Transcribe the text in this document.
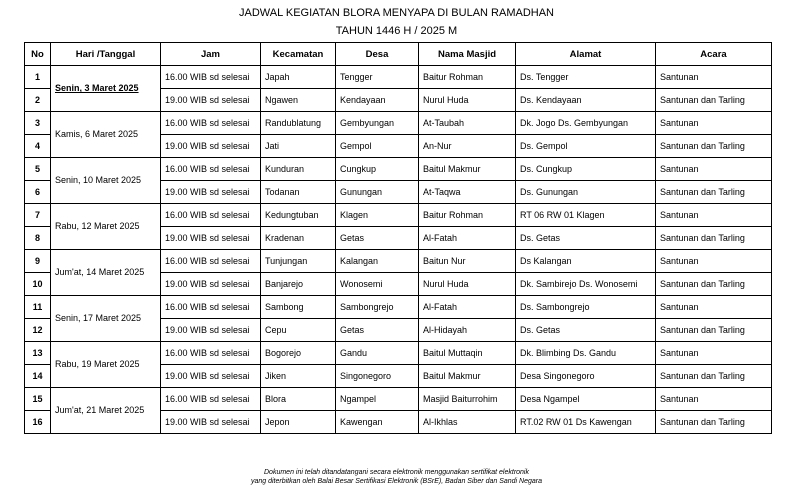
JADWAL KEGIATAN BLORA MENYAPA DI BULAN RAMADHAN
TAHUN 1446 H / 2025 M
No	Hari /Tanggal	Jam	Kecamatan	Desa	Nama Masjid	Alamat	Acara
1	Senin, 3 Maret 2025	16.00 WIB sd selesai	Japah	Tengger	Baitur Rohman	Ds. Tengger	Santunan
2		19.00 WIB sd selesai	Ngawen	Kendayaan	Nurul Huda	Ds. Kendayaan	Santunan dan Tarling
3	Kamis, 6 Maret 2025	16.00 WIB sd selesai	Randublatung	Gembyungan	At-Taubah	Dk. Jogo Ds. Gembyungan	Santunan
4		19.00 WIB sd selesai	Jati	Gempol	An-Nur	Ds. Gempol	Santunan dan Tarling
5	Senin, 10 Maret 2025	16.00 WIB sd selesai	Kunduran	Cungkup	Baitul Makmur	Ds. Cungkup	Santunan
6		19.00 WIB sd selesai	Todanan	Gunungan	At-Taqwa	Ds. Gunungan	Santunan dan Tarling
7	Rabu, 12 Maret 2025	16.00 WIB sd selesai	Kedungtuban	Klagen	Baitur Rohman	RT 06 RW 01 Klagen	Santunan
8		19.00 WIB sd selesai	Kradenan	Getas	Al-Fatah	Ds. Getas	Santunan dan Tarling
9	Jum'at, 14 Maret 2025	16.00 WIB sd selesai	Tunjungan	Kalangan	Baitun Nur	Ds Kalangan	Santunan
10		19.00 WIB sd selesai	Banjarejo	Wonosemi	Nurul Huda	Dk. Sambirejo Ds. Wonosemi	Santunan dan Tarling
11	Senin, 17 Maret 2025	16.00 WIB sd selesai	Sambong	Sambongrejo	Al-Fatah	Ds. Sambongrejo	Santunan
12		19.00 WIB sd selesai	Cepu	Getas	Al-Hidayah	Ds. Getas	Santunan dan Tarling
13	Rabu, 19 Maret 2025	16.00 WIB sd selesai	Bogorejo	Gandu	Baitul Muttaqin	Dk. Blimbing Ds. Gandu	Santunan
14		19.00 WIB sd selesai	Jiken	Singonegoro	Baitul Makmur	Desa Singonegoro	Santunan dan Tarling
15	Jum'at, 21 Maret 2025	16.00 WIB sd selesai	Blora	Ngampel	Masjid Baiturrohim	Desa Ngampel	Santunan
16		19.00 WIB sd selesai	Jepon	Kawengan	Al-Ikhlas	RT.02 RW 01 Ds Kawengan	Santunan dan Tarling
Dokumen ini telah ditandatangani secara elektronik menggunakan sertifikat elektronik
yang diterbitkan oleh Balai Besar Sertifikasi Elektronik (BSrE), Badan Siber dan Sandi Negara
